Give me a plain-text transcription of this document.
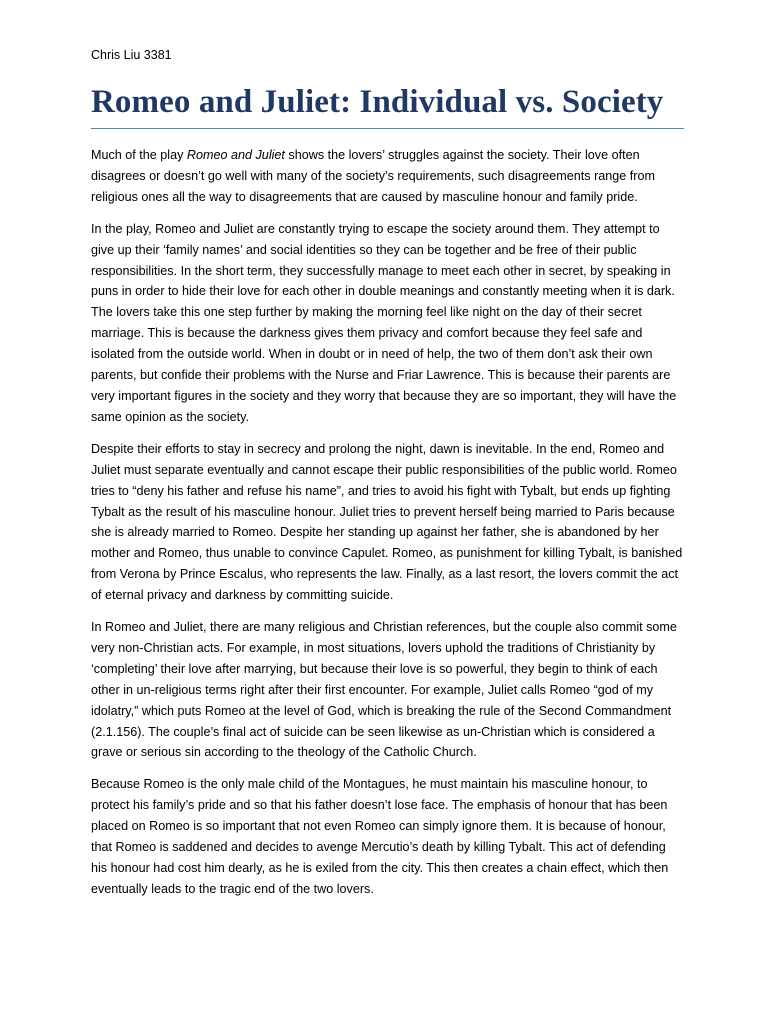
Chris Liu 3381
Romeo and Juliet: Individual vs. Society

Much of the play Romeo and Juliet shows the lovers’ struggles against the society. Their love often disagrees or doesn’t go well with many of the society’s requirements, such disagreements range from religious ones all the way to disagreements that are caused by masculine honour and family pride.

In the play, Romeo and Juliet are constantly trying to escape the society around them. They attempt to give up their ‘family names’ and social identities so they can be together and be free of their public responsibilities. In the short term, they successfully manage to meet each other in secret, by speaking in puns in order to hide their love for each other in double meanings and constantly meeting when it is dark. The lovers take this one step further by making the morning feel like night on the day of their secret marriage. This is because the darkness gives them privacy and comfort because they feel safe and isolated from the outside world. When in doubt or in need of help, the two of them don’t ask their own parents, but confide their problems with the Nurse and Friar Lawrence. This is because their parents are very important figures in the society and they worry that because they are so important, they will have the same opinion as the society.

Despite their efforts to stay in secrecy and prolong the night, dawn is inevitable. In the end, Romeo and Juliet must separate eventually and cannot escape their public responsibilities of the public world. Romeo tries to “deny his father and refuse his name”, and tries to avoid his fight with Tybalt, but ends up fighting Tybalt as the result of his masculine honour. Juliet tries to prevent herself being married to Paris because she is already married to Romeo. Despite her standing up against her father, she is abandoned by her mother and Romeo, thus unable to convince Capulet. Romeo, as punishment for killing Tybalt, is banished from Verona by Prince Escalus, who represents the law. Finally, as a last resort, the lovers commit the act of eternal privacy and darkness by committing suicide.

In Romeo and Juliet, there are many religious and Christian references, but the couple also commit some very non-Christian acts. For example, in most situations, lovers uphold the traditions of Christianity by ‘completing’ their love after marrying, but because their love is so powerful, they begin to think of each other in un-religious terms right after their first encounter. For example, Juliet calls Romeo “god of my idolatry,” which puts Romeo at the level of God, which is breaking the rule of the Second Commandment (2.1.156). The couple’s final act of suicide can be seen likewise as un-Christian which is considered a grave or serious sin according to the theology of the Catholic Church.

Because Romeo is the only male child of the Montagues, he must maintain his masculine honour, to protect his family’s pride and so that his father doesn’t lose face. The emphasis of honour that has been placed on Romeo is so important that not even Romeo can simply ignore them. It is because of honour, that Romeo is saddened and decides to avenge Mercutio’s death by killing Tybalt. This act of defending his honour had cost him dearly, as he is exiled from the city. This then creates a chain effect, which then eventually leads to the tragic end of the two lovers.
